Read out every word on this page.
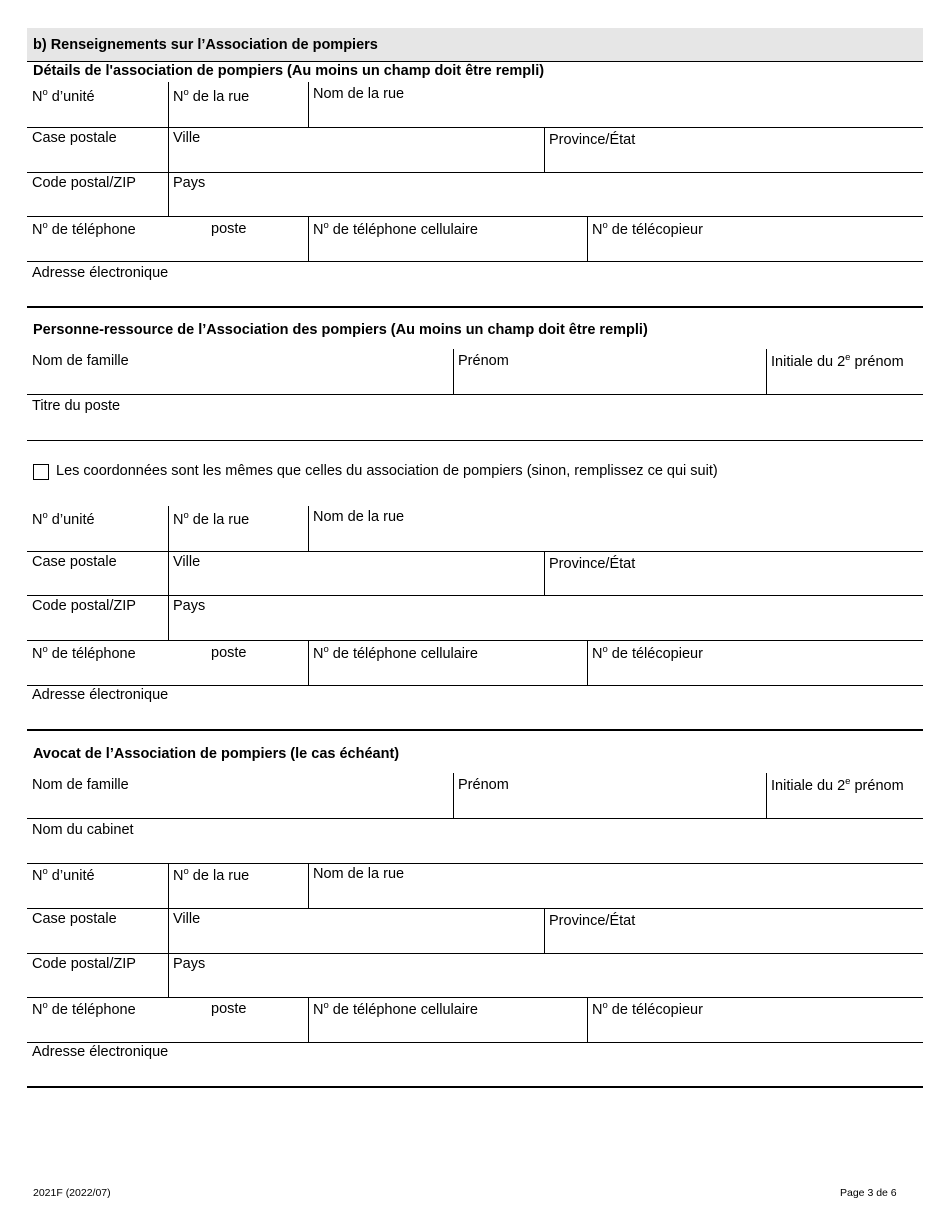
b) Renseignements sur l’Association de pompiers
Détails de l'association de pompiers (Au moins un champ doit être rempli)
$N^o$ d’unité	$N^o$ de la rue	Nom de la rue
Case postale	Ville	Province/État
Code postal/ZIP	Pays
$N^o$ de téléphone	poste	$N^o$ de téléphone cellulaire	$N^o$ de télécopieur
Adresse électronique
Personne-ressource de l’Association des pompiers (Au moins un champ doit être rempli)
Nom de famille	Prénom	Initiale du 2e prénom
Titre du poste
Les coordonnées sont les mêmes que celles du association de pompiers (sinon, remplissez ce qui suit)
$N^o$ d’unité	$N^o$ de la rue	Nom de la rue
Case postale	Ville	Province/État
Code postal/ZIP	Pays
$N^o$ de téléphone	poste	$N^o$ de téléphone cellulaire	$N^o$ de télécopieur
Adresse électronique
Avocat de l’Association de pompiers (le cas échéant)
Nom de famille	Prénom	Initiale du 2e prénom
Nom du cabinet
$N^o$ d’unité	$N^o$ de la rue	Nom de la rue
Case postale	Ville	Province/État
Code postal/ZIP	Pays
$N^o$ de téléphone	poste	$N^o$ de téléphone cellulaire	$N^o$ de télécopieur
Adresse électronique
2021F (2022/07)	Page 3 de 6
